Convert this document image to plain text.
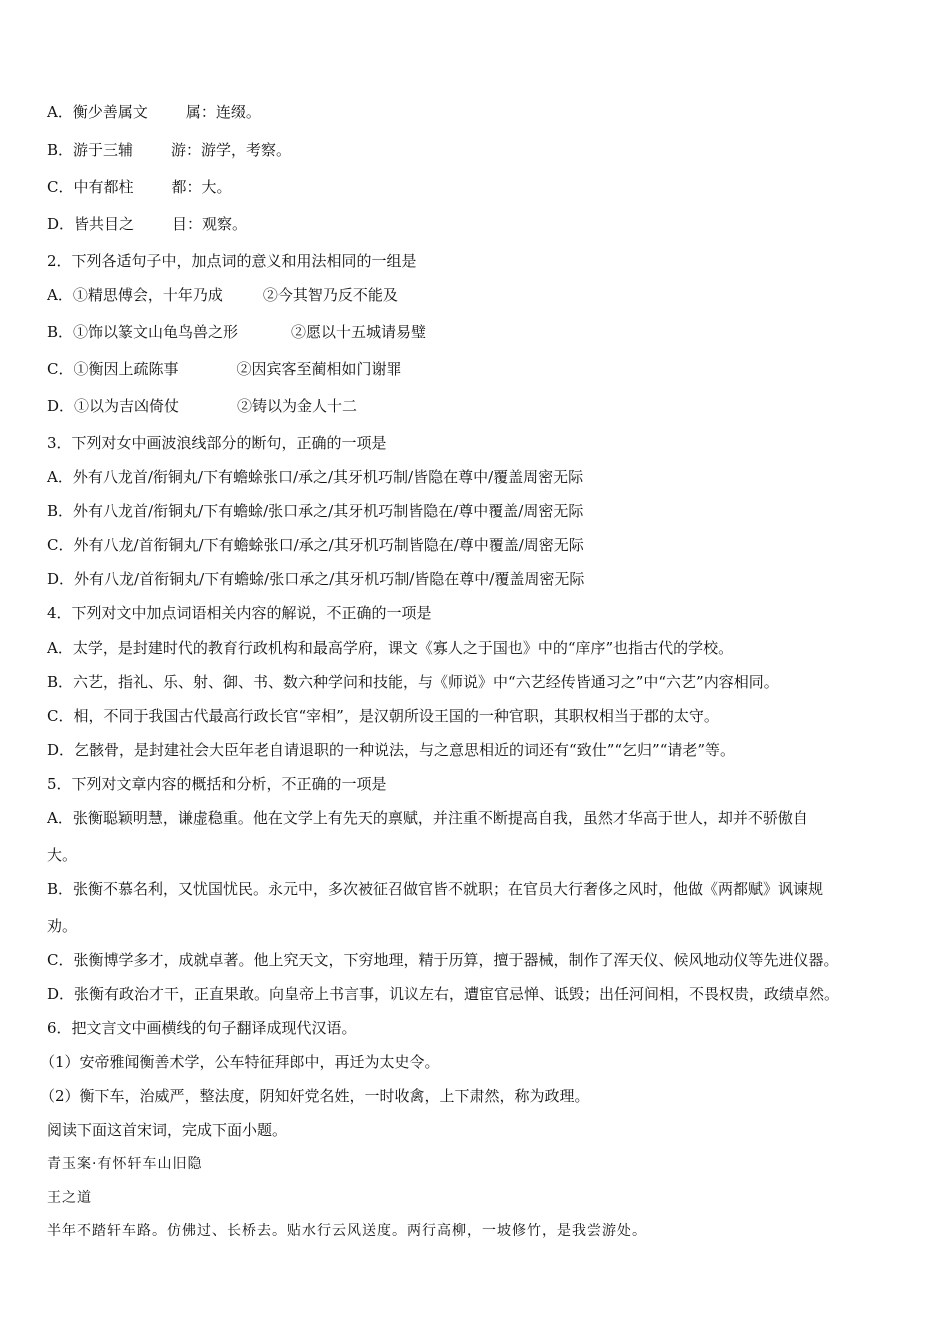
A．衡少善属文	属：连缀。
B．游于三辅	游：游学，考察。
C．中有都柱	都：大。
D．皆共目之	目：观察。
2．下列各适句子中，加点词的意义和用法相同的一组是
A．①精思傅会，十年乃成	②今其智乃反不能及
B．①饰以篆文山龟鸟兽之形	②愿以十五城请易璧
C．①衡因上疏陈事	②因宾客至蔺相如门谢罪
D．①以为吉凶倚仗	②铸以为金人十二
3．下列对女中画波浪线部分的断句，正确的一项是
A．外有八龙首/衔铜丸/下有蟾蜍张口/承之/其牙机巧制/皆隐在尊中/覆盖周密无际
B．外有八龙首/衔铜丸/下有蟾蜍/张口承之/其牙机巧制皆隐在/尊中覆盖/周密无际
C．外有八龙/首衔铜丸/下有蟾蜍张口/承之/其牙机巧制皆隐在/尊中覆盖/周密无际
D．外有八龙/首衔铜丸/下有蟾蜍/张口承之/其牙机巧制/皆隐在尊中/覆盖周密无际
4．下列对文中加点词语相关内容的解说，不正确的一项是
A．太学，是封建时代的教育行政机构和最高学府，课文《寡人之于国也》中的“庠序”也指古代的学校。
B．六艺，指礼、乐、射、御、书、数六种学问和技能，与《师说》中“六艺经传皆通习之”中“六艺”内容相同。
C．相，不同于我国古代最高行政长官“宰相”，是汉朝所设王国的一种官职，其职权相当于郡的太守。
D．乞骸骨，是封建社会大臣年老自请退职的一种说法，与之意思相近的词还有“致仕”“乞归”“请老”等。
5．下列对文章内容的概括和分析，不正确的一项是
A．张衡聪颖明慧，谦虚稳重。他在文学上有先天的禀赋，并注重不断提高自我，虽然才华高于世人，却并不骄傲自
大。
B．张衡不慕名利，又忧国忧民。永元中，多次被征召做官皆不就职；在官员大行奢侈之风时，他做《两都赋》讽谏规
劝。
C．张衡博学多才，成就卓著。他上究天文，下穷地理，精于历算，擅于器械，制作了浑天仪、候风地动仪等先进仪器。
D．张衡有政治才干，正直果敢。向皇帝上书言事，讥议左右，遭宦官忌惮、诋毁；出任河间相，不畏权贵，政绩卓然。
6．把文言文中画横线的句子翻译成现代汉语。
（1）安帝雅闻衡善术学，公车特征拜郎中，再迁为太史令。
（2）衡下车，治威严，整法度，阴知奸党名姓，一时收禽，上下肃然，称为政理。
阅读下面这首宋词，完成下面小题。
青玉案·有怀轩车山旧隐
王之道
半年不踏轩车路。仿佛过、长桥去。贴水行云风送度。两行高柳，一坡修竹，是我尝游处。
